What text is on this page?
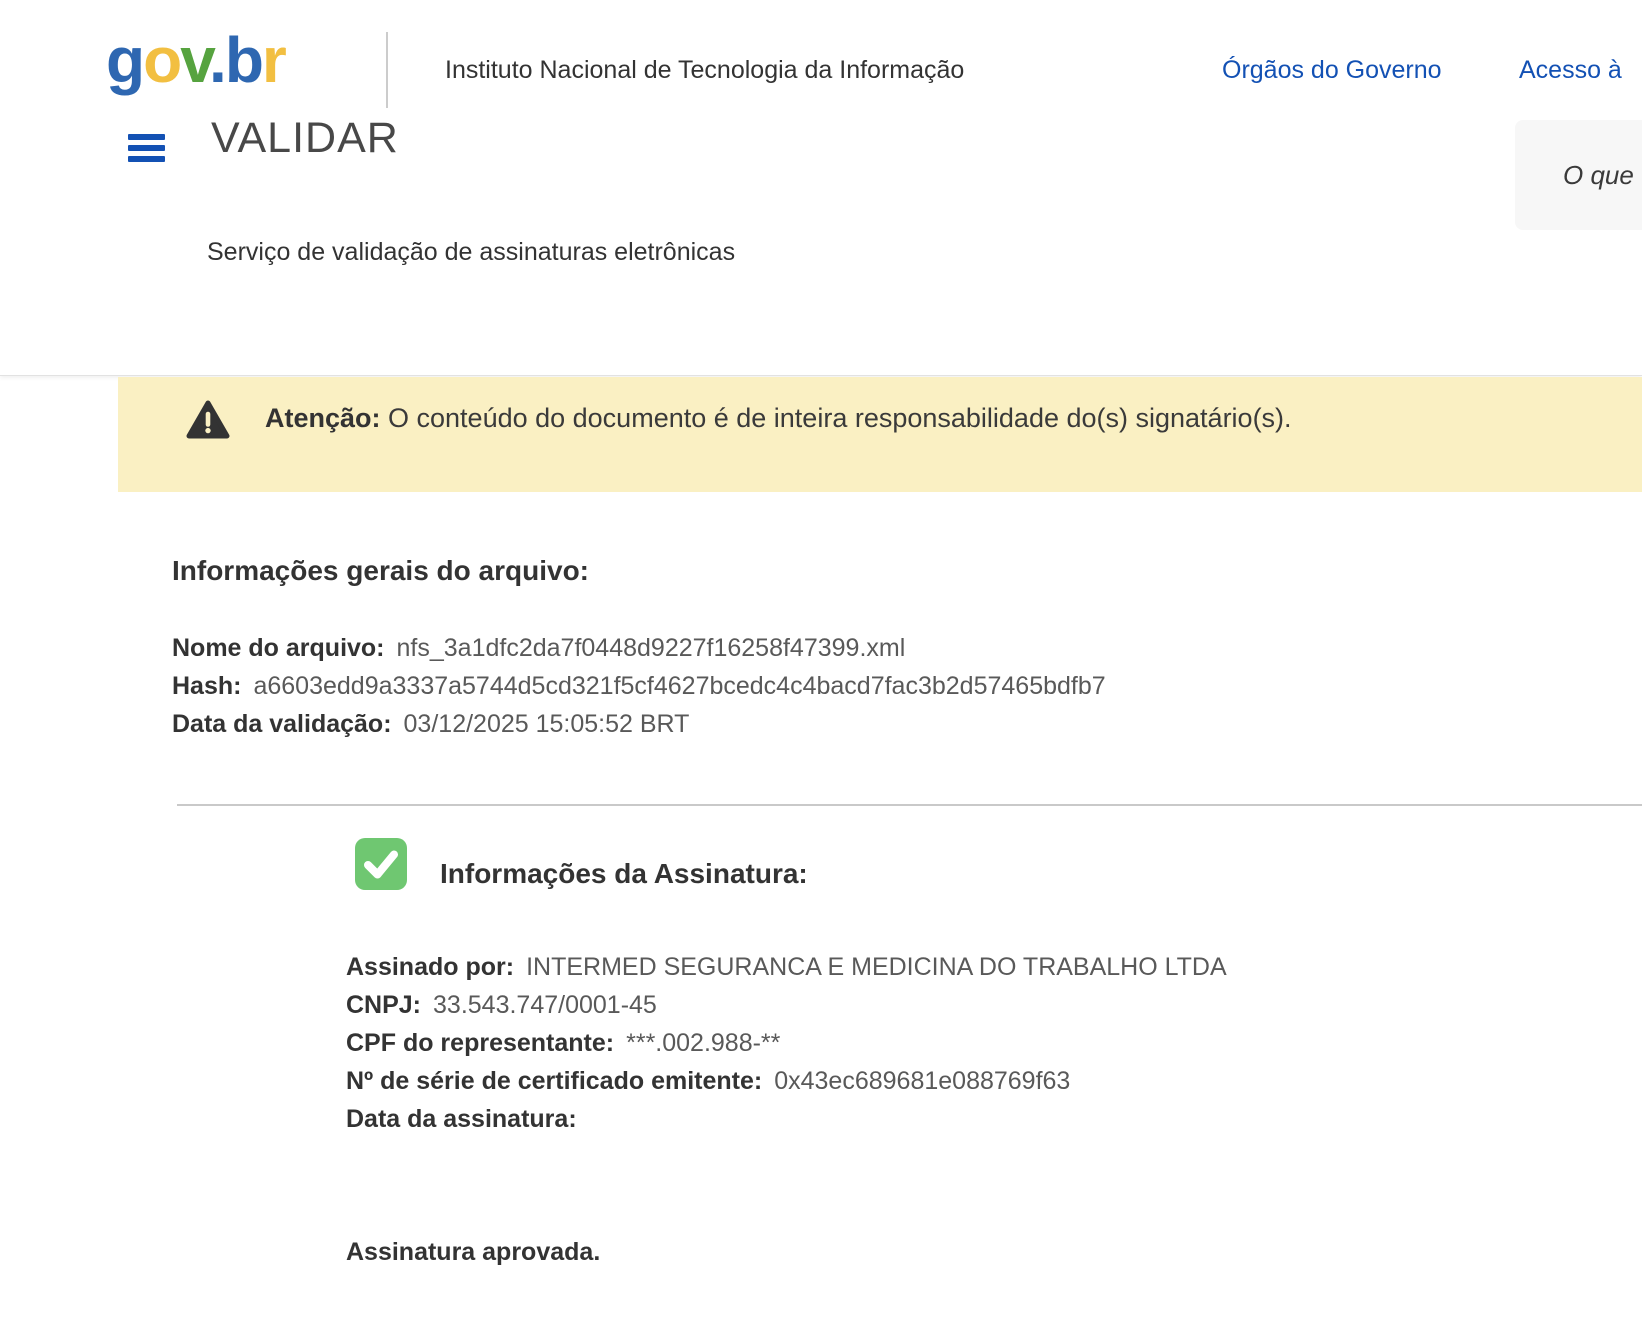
gov.br	Instituto Nacional de Tecnologia da Informação	Órgãos do Governo	Acesso à
VALIDAR
O que
Serviço de validação de assinaturas eletrônicas
Atenção: O conteúdo do documento é de inteira responsabilidade do(s) signatário(s).
Informações gerais do arquivo:
Nome do arquivo: nfs_3a1dfc2da7f0448d9227f16258f47399.xml
Hash: a6603edd9a3337a5744d5cd321f5cf4627bcedc4c4bacd7fac3b2d57465bdfb7
Data da validação: 03/12/2025 15:05:52 BRT
Informações da Assinatura:
Assinado por: INTERMED SEGURANCA E MEDICINA DO TRABALHO LTDA
CNPJ: 33.543.747/0001-45
CPF do representante: ***.002.988-**
Nº de série de certificado emitente: 0x43ec689681e088769f63
Data da assinatura:
Assinatura aprovada.
